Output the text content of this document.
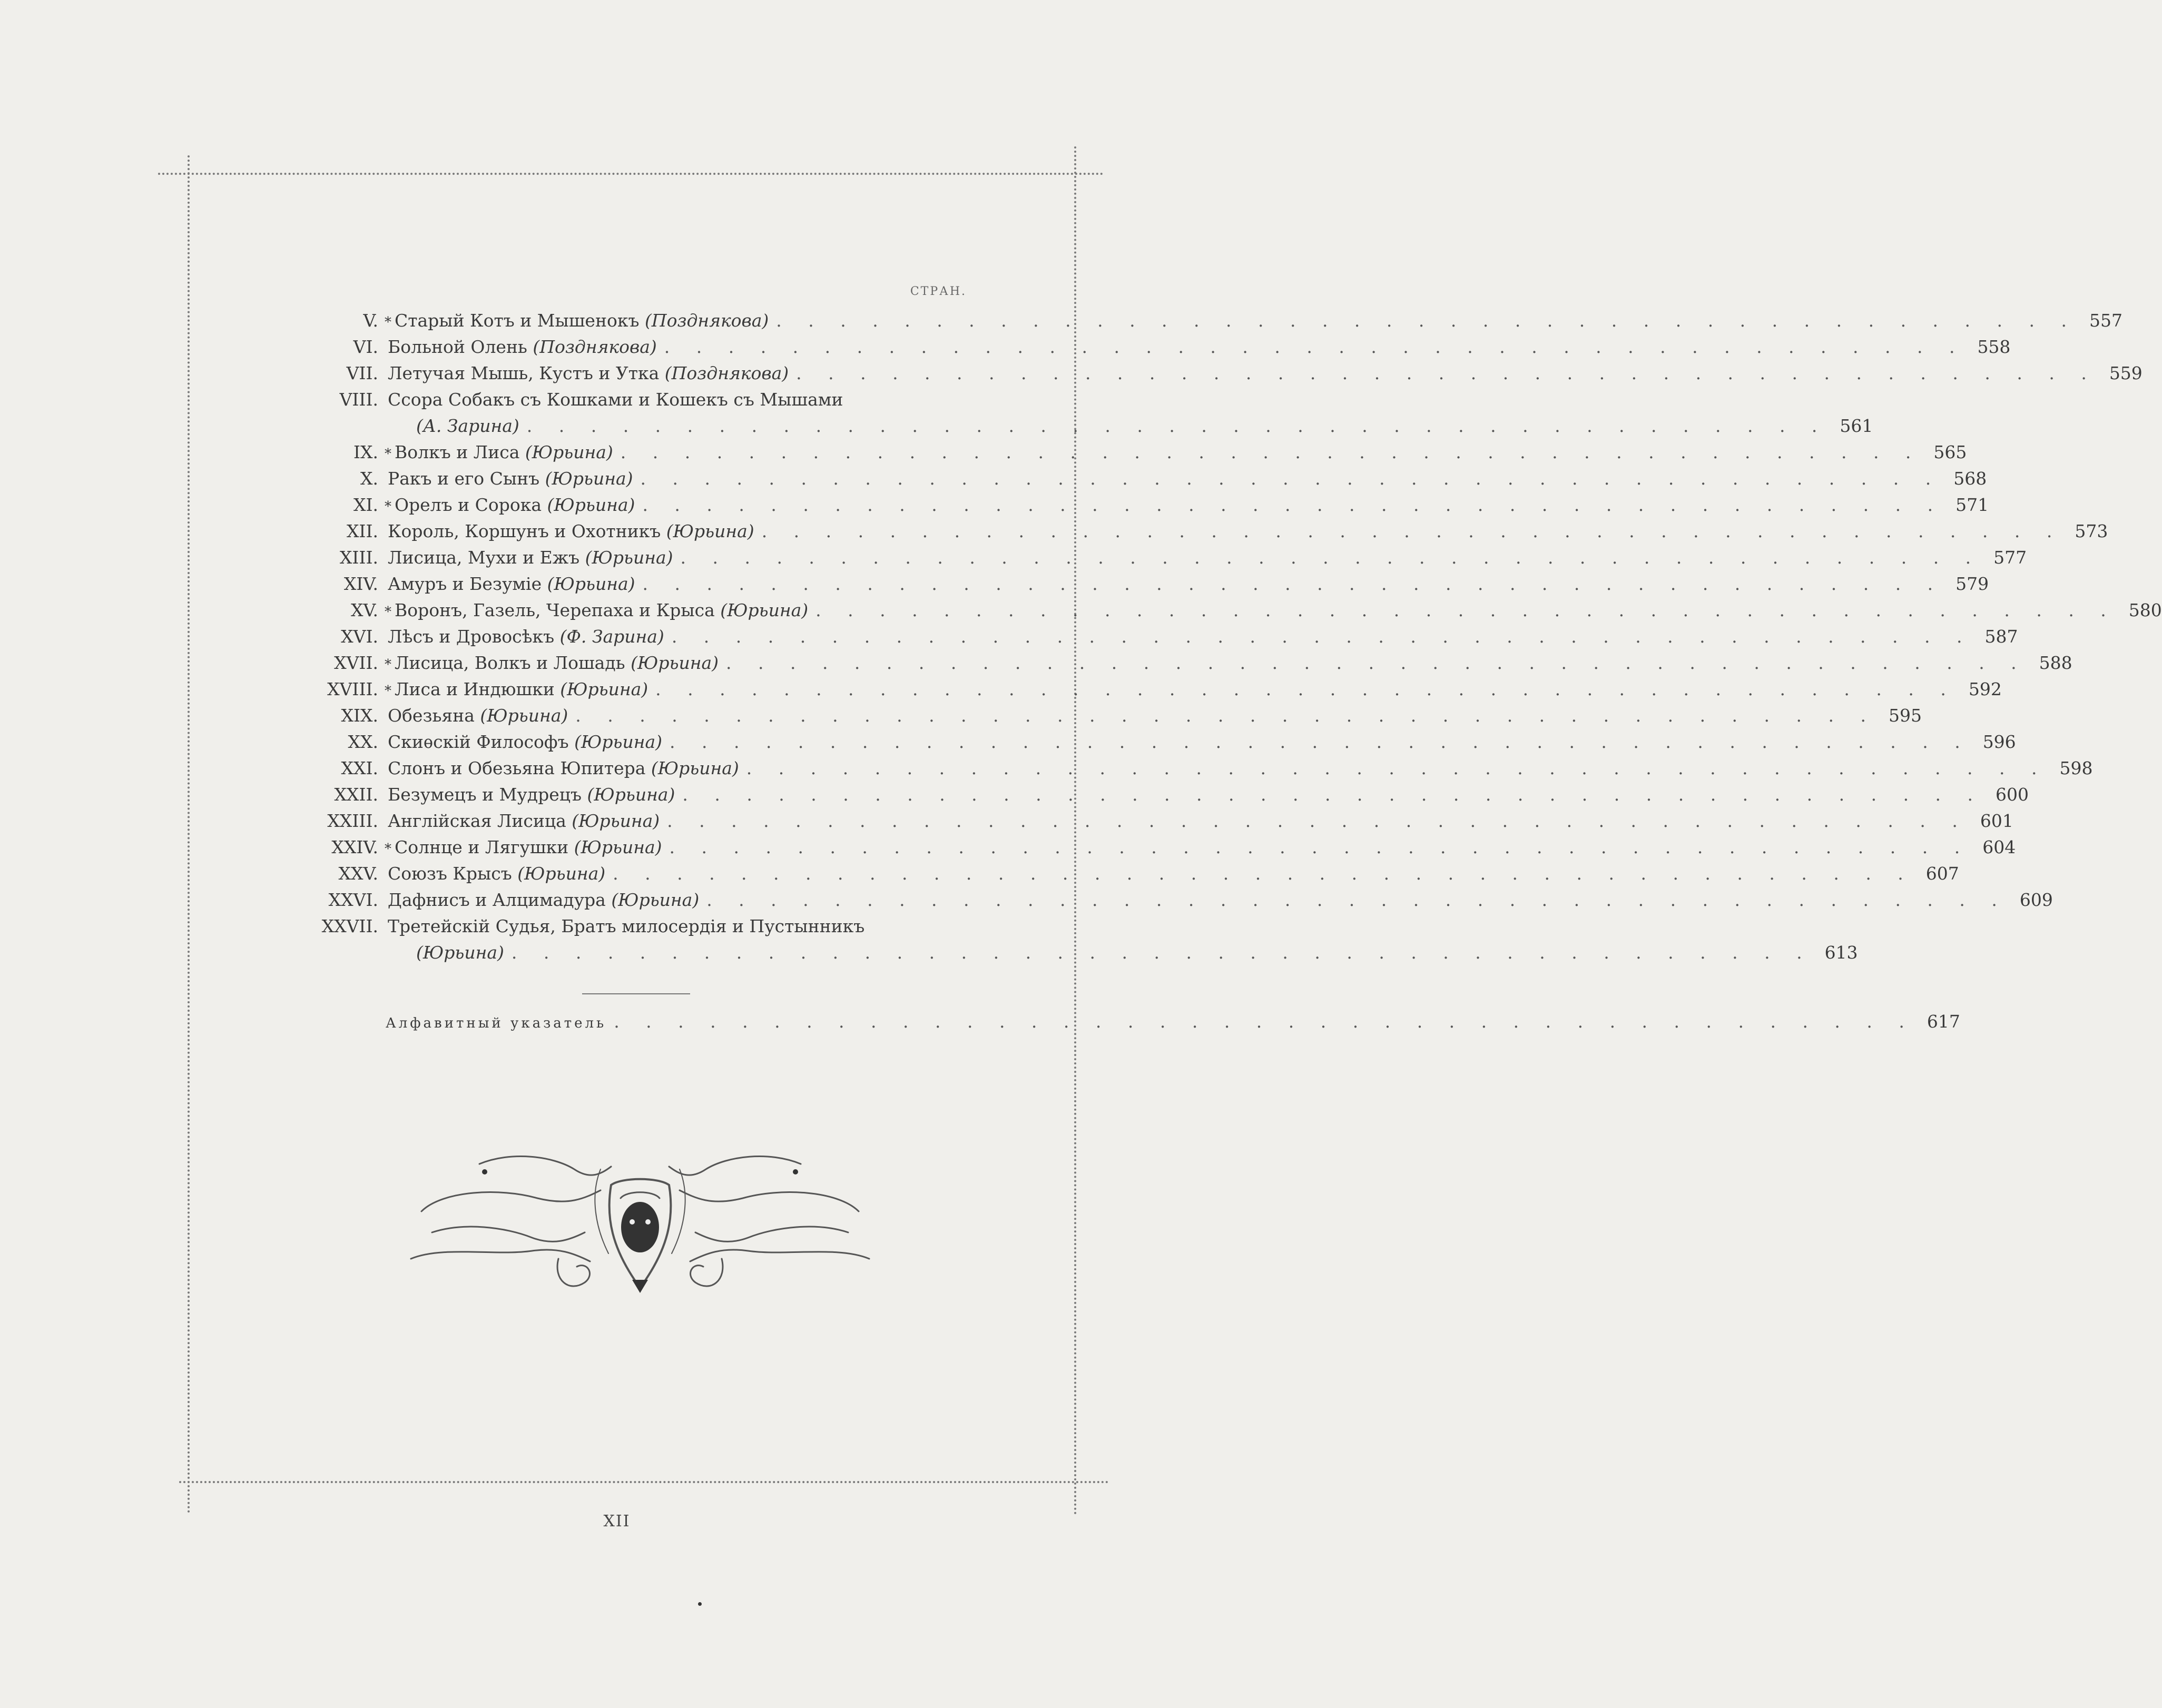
СТРАН.
V. * Старый Котъ и Мышенокъ (Позднякова) . . . . . . . . . . . . . . . . . . . . . . . . . . . . . . . . . . . . . . . . . 557
VI. Больной Олень (Позднякова) . . . . . . . . . . . . . . . . . . . . . . . . . . . . . . . . . . . . . . . . . 558
VII. Летучая Мышь, Кустъ и Утка (Позднякова) . . . . . . . . . . . . . . . . . . . . . . . . . . . . . . . . . . . . . . . . . 559
VIII. Ссора Собакъ съ Кошками и Кошекъ съ Мышами
(А. Зарина) . . . . . . . . . . . . . . . . . . . . . . . . . . . . . . . . . . . . . . . . . 561
IX. * Волкъ и Лиса (Юрьина) . . . . . . . . . . . . . . . . . . . . . . . . . . . . . . . . . . . . . . . . . 565
X. Ракъ и его Сынъ (Юрьина) . . . . . . . . . . . . . . . . . . . . . . . . . . . . . . . . . . . . . . . . . 568
XI. * Орелъ и Сорока (Юрьина) . . . . . . . . . . . . . . . . . . . . . . . . . . . . . . . . . . . . . . . . . 571
XII. Король, Коршунъ и Охотникъ (Юрьина) . . . . . . . . . . . . . . . . . . . . . . . . . . . . . . . . . . . . . . . . . 573
XIII. Лисица, Мухи и Ежъ (Юрьина) . . . . . . . . . . . . . . . . . . . . . . . . . . . . . . . . . . . . . . . . . 577
XIV. Амуръ и Безуміе (Юрьина) . . . . . . . . . . . . . . . . . . . . . . . . . . . . . . . . . . . . . . . . . 579
XV. * Воронъ, Газель, Черепаха и Крыса (Юрьина) . . . . . . . . . . . . . . . . . . . . . . . . . . . . . . . . . . . . . . . . . 580
XVI. Лѣсъ и Дровосѣкъ (Ф. Зарина) . . . . . . . . . . . . . . . . . . . . . . . . . . . . . . . . . . . . . . . . . 587
XVII. * Лисица, Волкъ и Лошадь (Юрьина) . . . . . . . . . . . . . . . . . . . . . . . . . . . . . . . . . . . . . . . . . 588
XVIII. * Лиса и Индюшки (Юрьина) . . . . . . . . . . . . . . . . . . . . . . . . . . . . . . . . . . . . . . . . . 592
XIX. Обезьяна (Юрьина) . . . . . . . . . . . . . . . . . . . . . . . . . . . . . . . . . . . . . . . . . 595
XX. Скиѳскій Философъ (Юрьина) . . . . . . . . . . . . . . . . . . . . . . . . . . . . . . . . . . . . . . . . . 596
XXI. Слонъ и Обезьяна Юпитера (Юрьина) . . . . . . . . . . . . . . . . . . . . . . . . . . . . . . . . . . . . . . . . . 598
XXII. Безумецъ и Мудрецъ (Юрьина) . . . . . . . . . . . . . . . . . . . . . . . . . . . . . . . . . . . . . . . . . 600
XXIII. Англійская Лисица (Юрьина) . . . . . . . . . . . . . . . . . . . . . . . . . . . . . . . . . . . . . . . . . 601
XXIV. * Солнце и Лягушки (Юрьина) . . . . . . . . . . . . . . . . . . . . . . . . . . . . . . . . . . . . . . . . . 604
XXV. Союзъ Крысъ (Юрьина) . . . . . . . . . . . . . . . . . . . . . . . . . . . . . . . . . . . . . . . . . 607
XXVI. Дафнисъ и Алцимадура (Юрьина) . . . . . . . . . . . . . . . . . . . . . . . . . . . . . . . . . . . . . . . . . 609
XXVII. Третейскій Судья, Братъ милосердія и Пустынникъ
(Юрьина) . . . . . . . . . . . . . . . . . . . . . . . . . . . . . . . . . . . . . . . . . 613
Алфавитный указатель . . . . . . . . . . . . . . . . . . . . . . . . . . . . . . . . . . . . . . . . . 617
XII
